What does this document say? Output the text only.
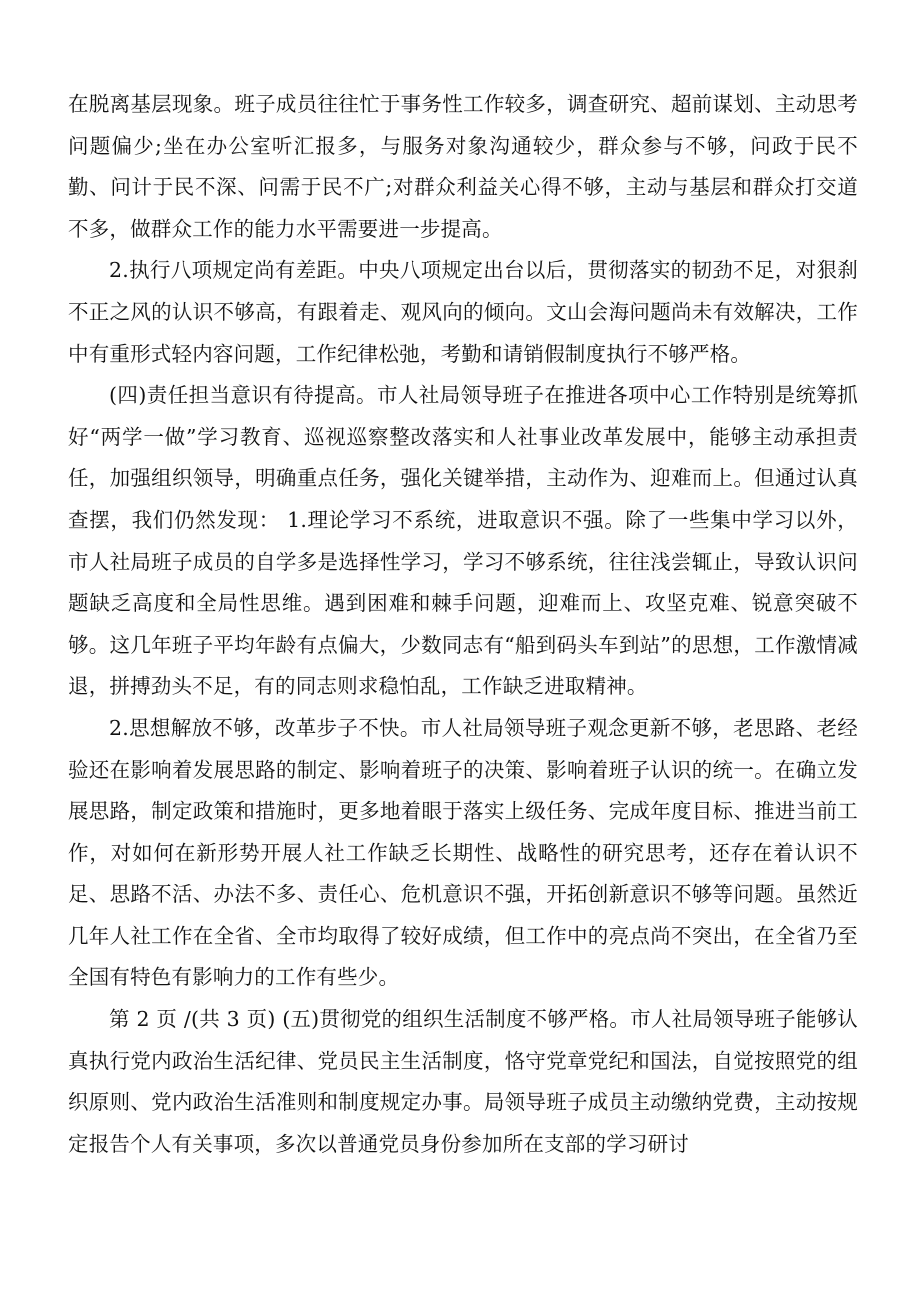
在脱离基层现象。班子成员往往忙于事务性工作较多，调查研究、超前谋划、主动思考问题偏少;坐在办公室听汇报多，与服务对象沟通较少，群众参与不够，问政于民不勤、问计于民不深、问需于民不广;对群众利益关心得不够，主动与基层和群众打交道不多，做群众工作的能力水平需要进一步提高。

2.执行八项规定尚有差距。中央八项规定出台以后，贯彻落实的韧劲不足，对狠刹不正之风的认识不够高，有跟着走、观风向的倾向。文山会海问题尚未有效解决，工作中有重形式轻内容问题，工作纪律松弛，考勤和请销假制度执行不够严格。

(四)责任担当意识有待提高。市人社局领导班子在推进各项中心工作特别是统筹抓好“两学一做”学习教育、巡视巡察整改落实和人社事业改革发展中，能够主动承担责任，加强组织领导，明确重点任务，强化关键举措，主动作为、迎难而上。但通过认真查摆，我们仍然发现： 1.理论学习不系统，进取意识不强。除了一些集中学习以外，市人社局班子成员的自学多是选择性学习，学习不够系统，往往浅尝辄止，导致认识问题缺乏高度和全局性思维。遇到困难和棘手问题，迎难而上、攻坚克难、锐意突破不够。这几年班子平均年龄有点偏大，少数同志有“船到码头车到站”的思想，工作激情减退，拼搏劲头不足，有的同志则求稳怕乱，工作缺乏进取精神。

2.思想解放不够，改革步子不快。市人社局领导班子观念更新不够，老思路、老经验还在影响着发展思路的制定、影响着班子的决策、影响着班子认识的统一。在确立发展思路，制定政策和措施时，更多地着眼于落实上级任务、完成年度目标、推进当前工作，对如何在新形势开展人社工作缺乏长期性、战略性的研究思考，还存在着认识不足、思路不活、办法不多、责任心、危机意识不强，开拓创新意识不够等问题。虽然近几年人社工作在全省、全市均取得了较好成绩，但工作中的亮点尚不突出，在全省乃至全国有特色有影响力的工作有些少。

第 2 页 /(共 3 页) (五)贯彻党的组织生活制度不够严格。市人社局领导班子能够认真执行党内政治生活纪律、党员民主生活制度，恪守党章党纪和国法，自觉按照党的组织原则、党内政治生活准则和制度规定办事。局领导班子成员主动缴纳党费，主动按规定报告个人有关事项，多次以普通党员身份参加所在支部的学习研讨
